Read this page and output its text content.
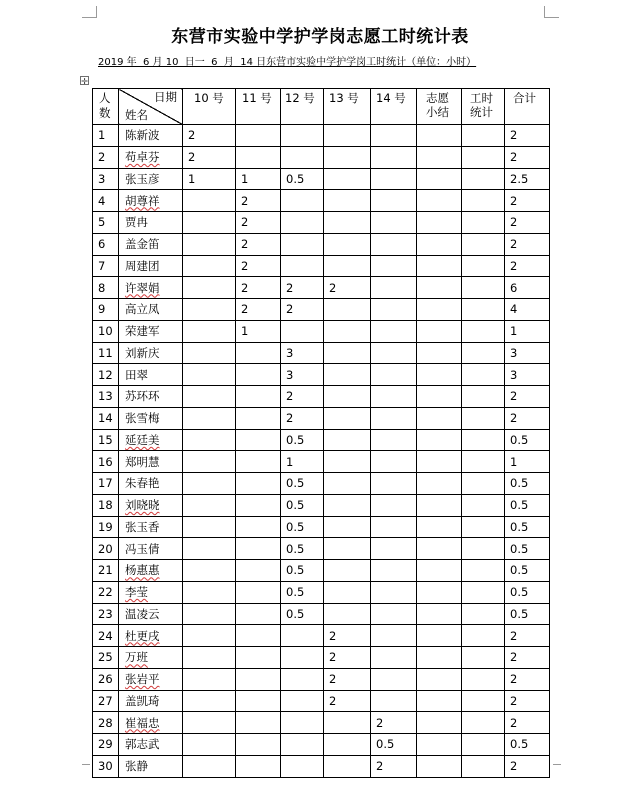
东营市实验中学护学岗志愿工时统计表
2019 年  6 月 10  日一  6  月  14 日东营市实验中学护学岗工时统计（单位：小时）
✛
人数	日期
姓名	10 号	11 号	12 号	13 号	14 号	志愿小结	工时统计	合计
1	陈新波	2							2
2	苟卓芬	2							2
3	张玉彦	1	1	0.5					2.5
4	胡尊祥		2						2
5	贾冉		2						2
6	盖金笛		2						2
7	周建团		2						2
8	许翠娟		2	2	2				6
9	高立凤		2	2					4
10	荣建军		1						1
11	刘新庆			3					3
12	田翠			3					3
13	苏环环			2					2
14	张雪梅			2					2
15	延廷美			0.5					0.5
16	郑明慧			1					1
17	朱春艳			0.5					0.5
18	刘晓晓			0.5					0.5
19	张玉香			0.5					0.5
20	冯玉倩			0.5					0.5
21	杨惠惠			0.5					0.5
22	李莹			0.5					0.5
23	温凌云			0.5					0.5
24	杜更戌				2				2
25	万班				2				2
26	张岩平				2				2
27	盖凯琦				2				2
28	崔福忠					2			2
29	郭志武					0.5			0.5
30	张静					2			2
